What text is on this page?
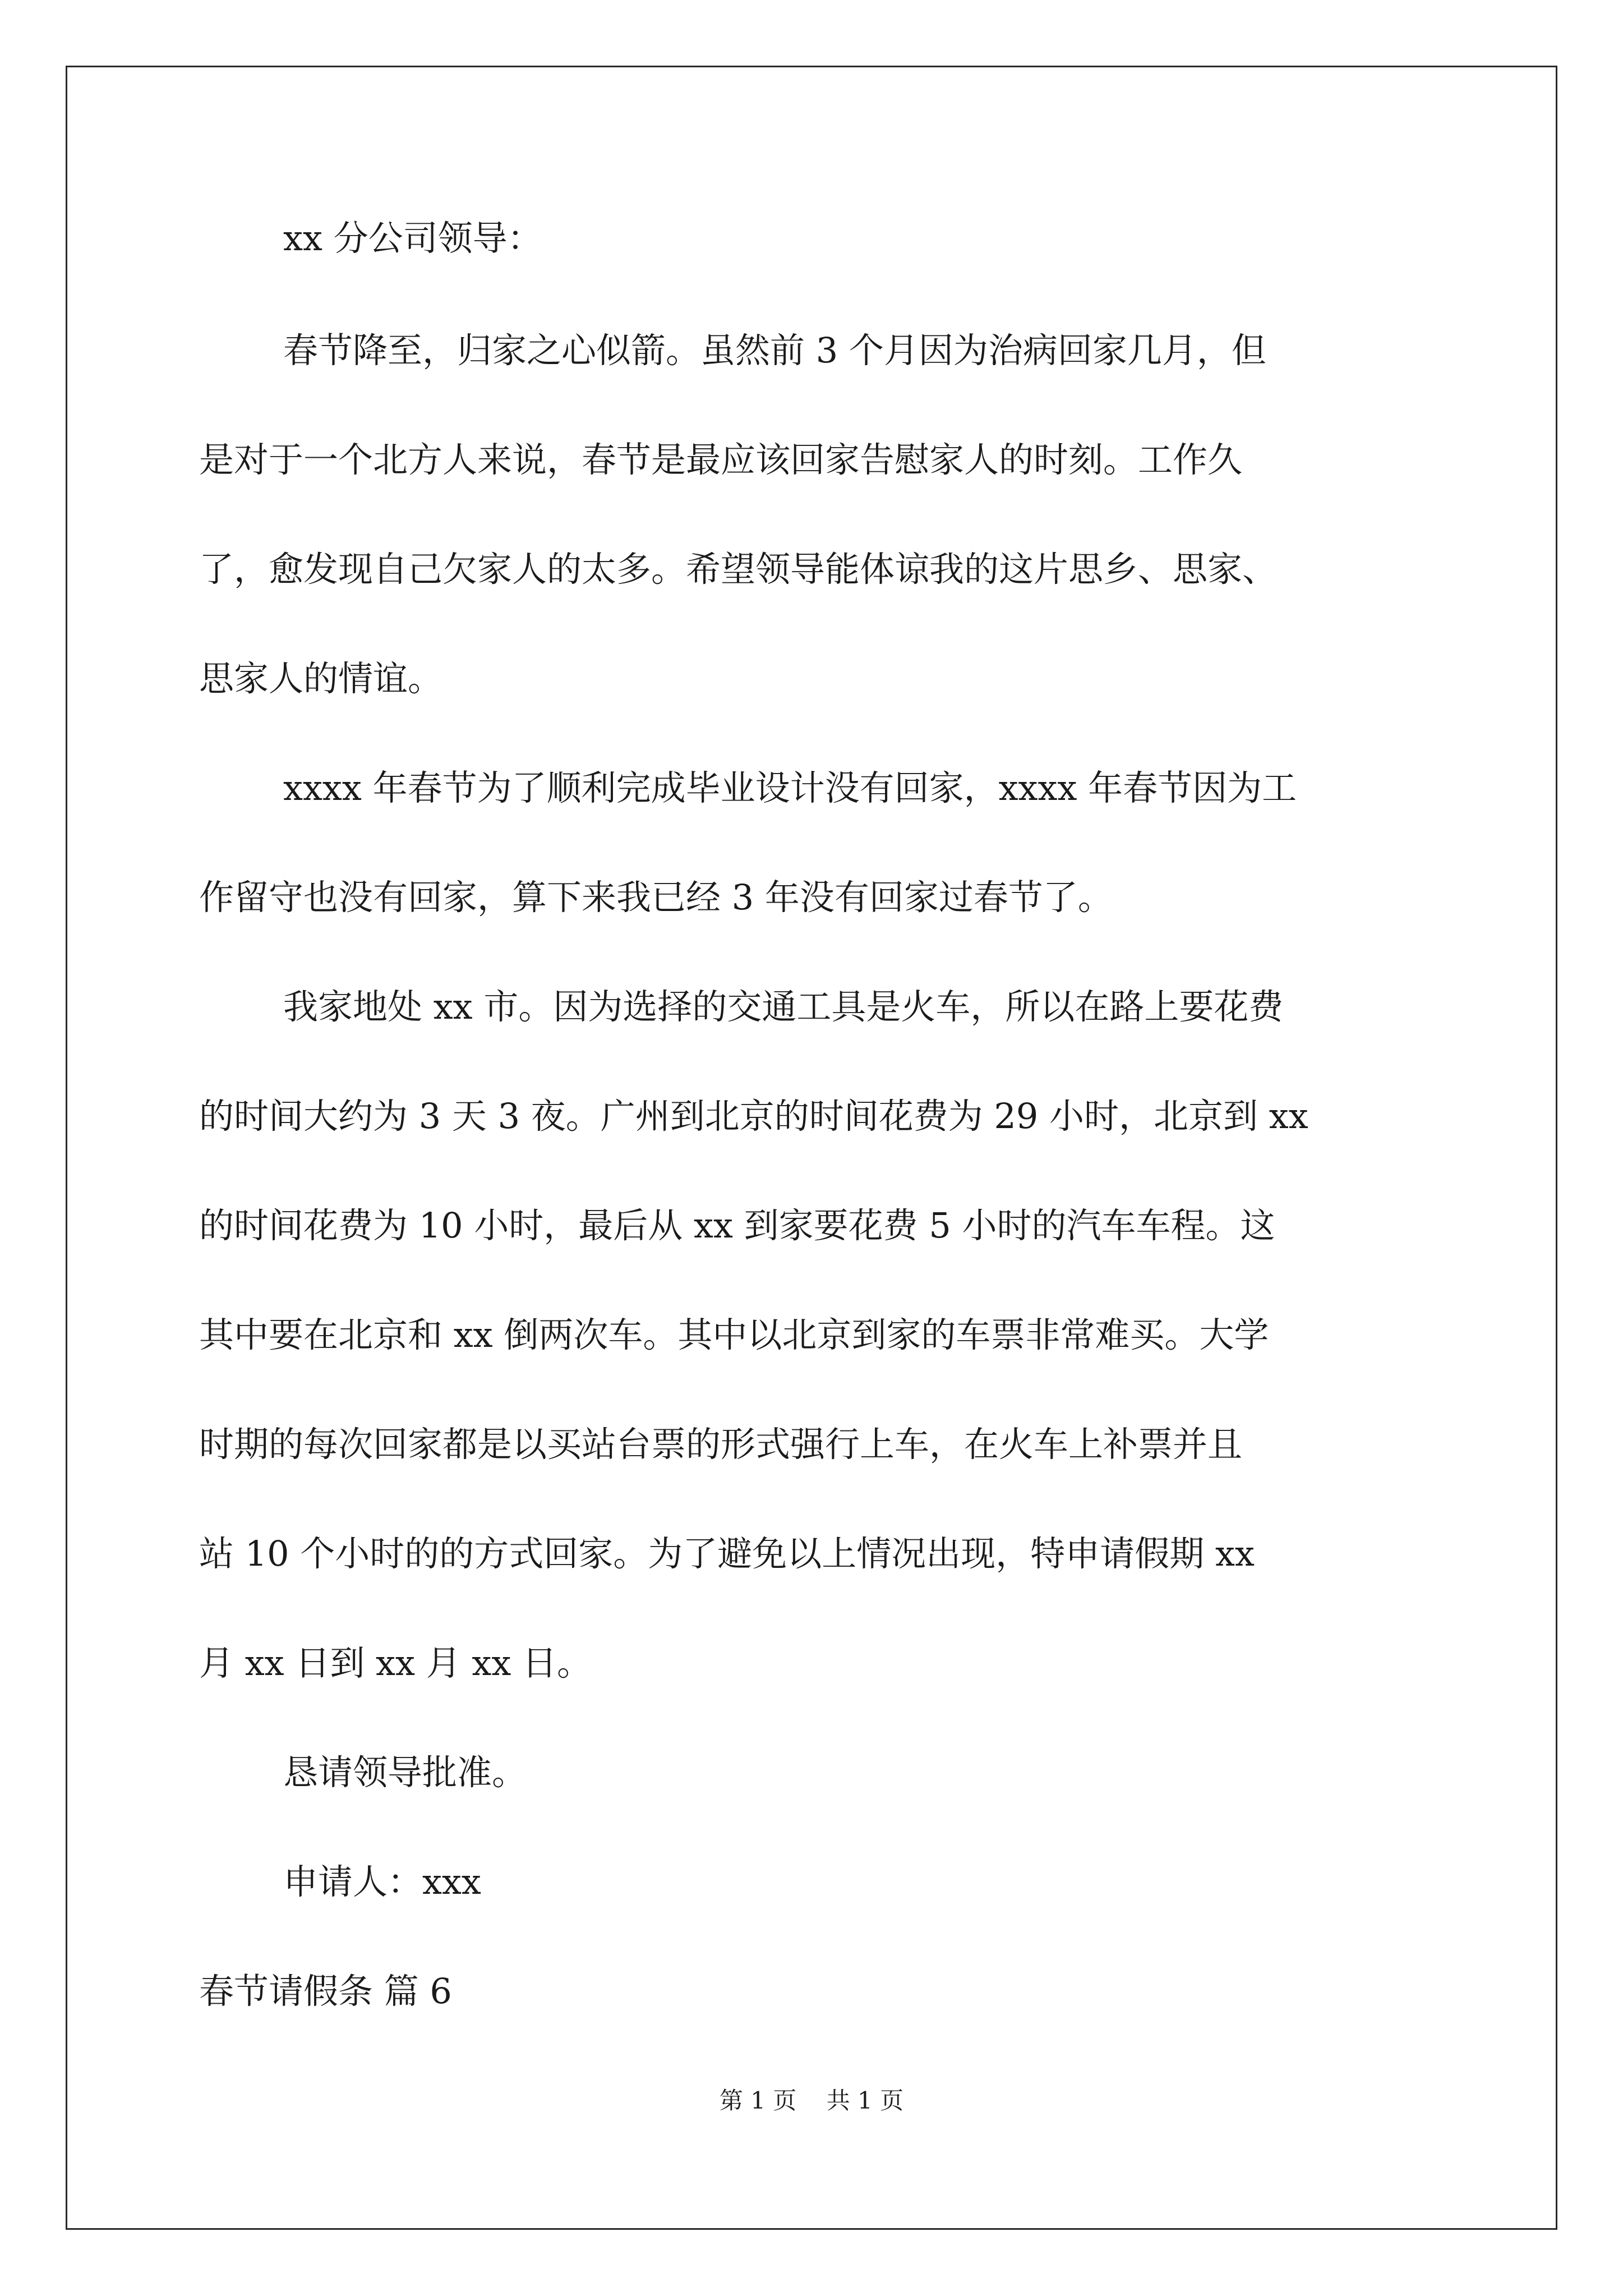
xx 分公司领导：
春节降至，归家之心似箭。虽然前 3 个月因为治病回家几月，但
是对于一个北方人来说，春节是最应该回家告慰家人的时刻。工作久
了，愈发现自己欠家人的太多。希望领导能体谅我的这片思乡、思家、
思家人的情谊。
xxxx 年春节为了顺利完成毕业设计没有回家，xxxx 年春节因为工
作留守也没有回家，算下来我已经 3 年没有回家过春节了。
我家地处 xx 市。因为选择的交通工具是火车，所以在路上要花费
的时间大约为 3 天 3 夜。广州到北京的时间花费为 29 小时，北京到 xx
的时间花费为 10 小时，最后从 xx 到家要花费 5 小时的汽车车程。这
其中要在北京和 xx 倒两次车。其中以北京到家的车票非常难买。大学
时期的每次回家都是以买站台票的形式强行上车，在火车上补票并且
站 10 个小时的的方式回家。为了避免以上情况出现，特申请假期 xx
月 xx 日到 xx 月 xx 日。
恳请领导批准。
申请人：xxx
春节请假条 篇 6
第 1 页    共 1 页
